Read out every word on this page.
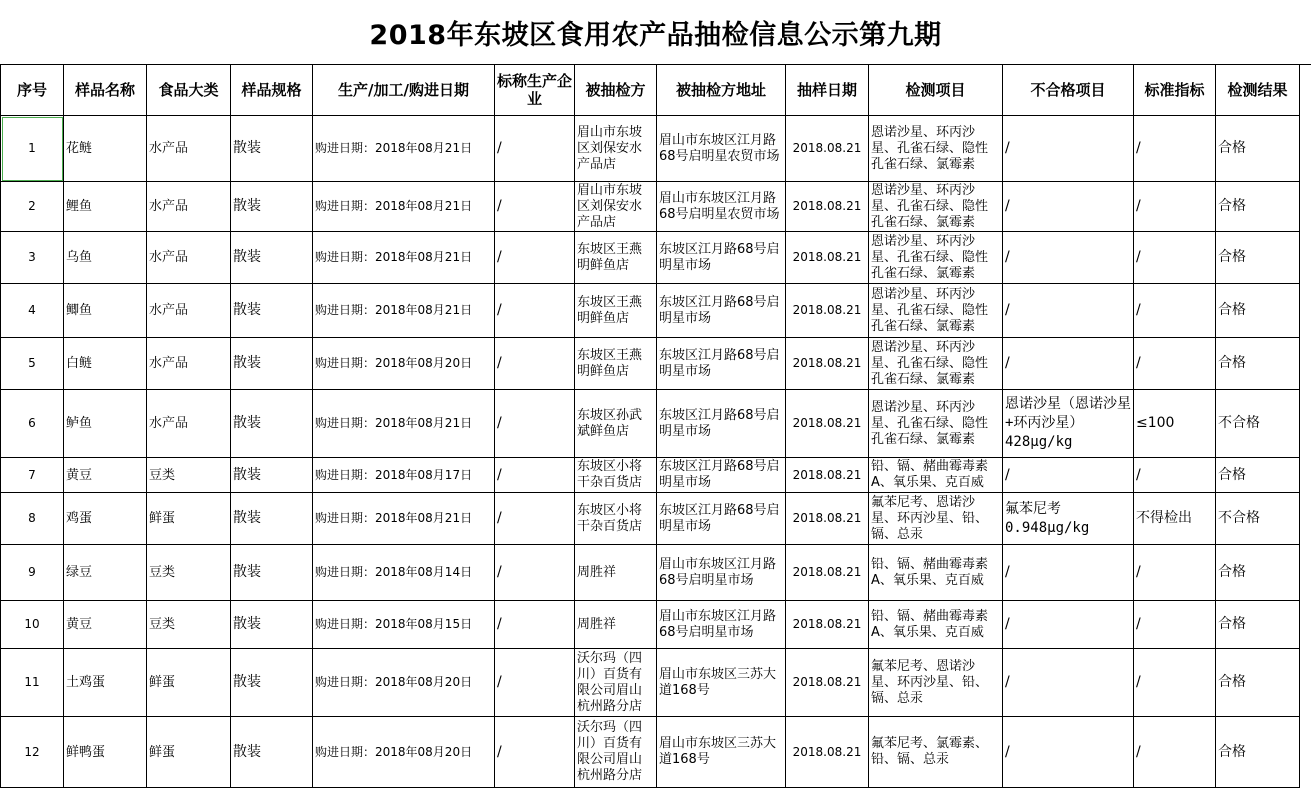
2018年东坡区食用农产品抽检信息公示第九期
序号	样品名称	食品大类	样品规格	生产/加工/购进日期	标称生产企业	被抽检方	被抽检方地址	抽样日期	检测项目	不合格项目	标准指标	检测结果
1	花鲢	水产品	散装	购进日期：2018年08月21日	/	眉山市东坡区刘保安水产品店	眉山市东坡区江月路68号启明星农贸市场	2018.08.21	恩诺沙星、环丙沙星、孔雀石绿、隐性孔雀石绿、氯霉素	/	/	合格
2	鲤鱼	水产品	散装	购进日期：2018年08月21日	/	眉山市东坡区刘保安水产品店	眉山市东坡区江月路68号启明星农贸市场	2018.08.21	恩诺沙星、环丙沙星、孔雀石绿、隐性孔雀石绿、氯霉素	/	/	合格
3	乌鱼	水产品	散装	购进日期：2018年08月21日	/	东坡区王燕明鲜鱼店	东坡区江月路68号启明星市场	2018.08.21	恩诺沙星、环丙沙星、孔雀石绿、隐性孔雀石绿、氯霉素	/	/	合格
4	鲫鱼	水产品	散装	购进日期：2018年08月21日	/	东坡区王燕明鲜鱼店	东坡区江月路68号启明星市场	2018.08.21	恩诺沙星、环丙沙星、孔雀石绿、隐性孔雀石绿、氯霉素	/	/	合格
5	白鲢	水产品	散装	购进日期：2018年08月20日	/	东坡区王燕明鲜鱼店	东坡区江月路68号启明星市场	2018.08.21	恩诺沙星、环丙沙星、孔雀石绿、隐性孔雀石绿、氯霉素	/	/	合格
6	鲈鱼	水产品	散装	购进日期：2018年08月21日	/	东坡区孙武斌鲜鱼店	东坡区江月路68号启明星市场	2018.08.21	恩诺沙星、环丙沙星、孔雀石绿、隐性孔雀石绿、氯霉素	恩诺沙星（恩诺沙星+环丙沙星）428μg/kg	≤100	不合格
7	黄豆	豆类	散装	购进日期：2018年08月17日	/	东坡区小将干杂百货店	东坡区江月路68号启明星市场	2018.08.21	铅、镉、赭曲霉毒素A、氧乐果、克百威	/	/	合格
8	鸡蛋	鲜蛋	散装	购进日期：2018年08月21日	/	东坡区小将干杂百货店	东坡区江月路68号启明星市场	2018.08.21	氟苯尼考、恩诺沙星、环丙沙星、铅、镉、总汞	氟苯尼考0.948μg/kg	不得检出	不合格
9	绿豆	豆类	散装	购进日期：2018年08月14日	/	周胜祥	眉山市东坡区江月路68号启明星市场	2018.08.21	铅、镉、赭曲霉毒素A、氧乐果、克百威	/	/	合格
10	黄豆	豆类	散装	购进日期：2018年08月15日	/	周胜祥	眉山市东坡区江月路68号启明星市场	2018.08.21	铅、镉、赭曲霉毒素A、氧乐果、克百威	/	/	合格
11	土鸡蛋	鲜蛋	散装	购进日期：2018年08月20日	/	沃尔玛（四川）百货有限公司眉山杭州路分店	眉山市东坡区三苏大道168号	2018.08.21	氟苯尼考、恩诺沙星、环丙沙星、铅、镉、总汞	/	/	合格
12	鲜鸭蛋	鲜蛋	散装	购进日期：2018年08月20日	/	沃尔玛（四川）百货有限公司眉山杭州路分店	眉山市东坡区三苏大道168号	2018.08.21	氟苯尼考、氯霉素、铅、镉、总汞	/	/	合格
